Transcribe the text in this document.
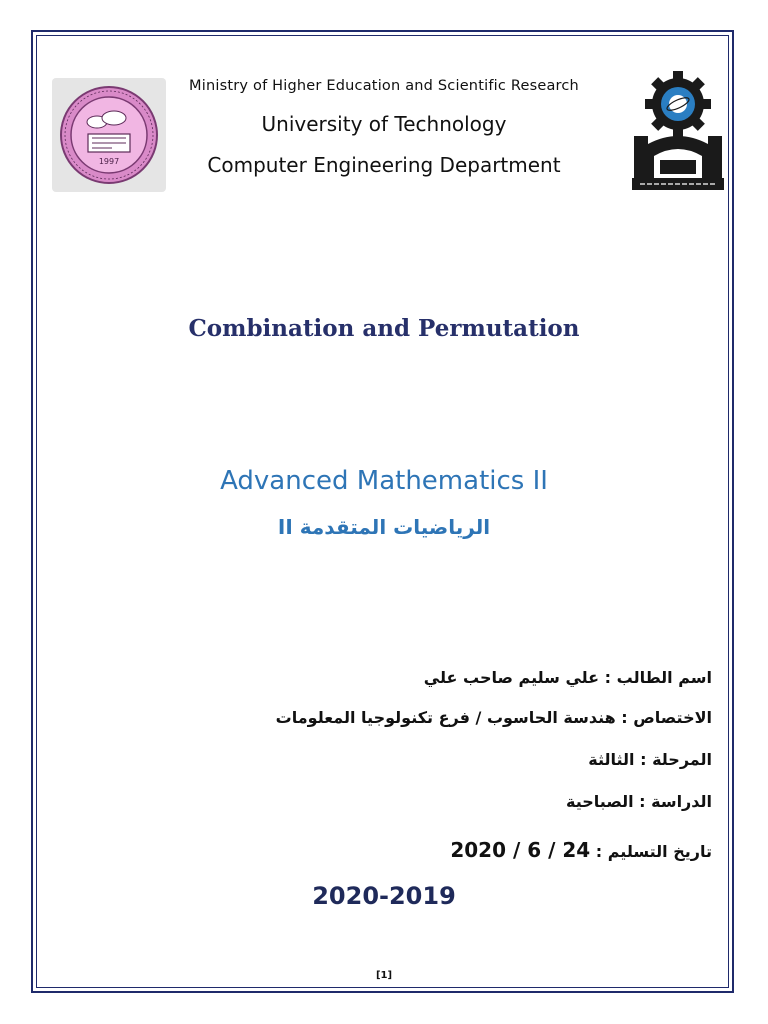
1997
Ministry of Higher Education and Scientific Research
University of Technology
Computer Engineering Department
Combination and Permutation
Advanced Mathematics II
الرياضيات المتقدمة II
اسم الطالب : علي سليم صاحب علي
الاختصاص : هندسة الحاسوب / فرع تكنولوجيا المعلومات
المرحلة : الثالثة
الدراسة : الصباحية
تاريخ التسليم : 2020 / 6 / 24
2020-2019
[1]
